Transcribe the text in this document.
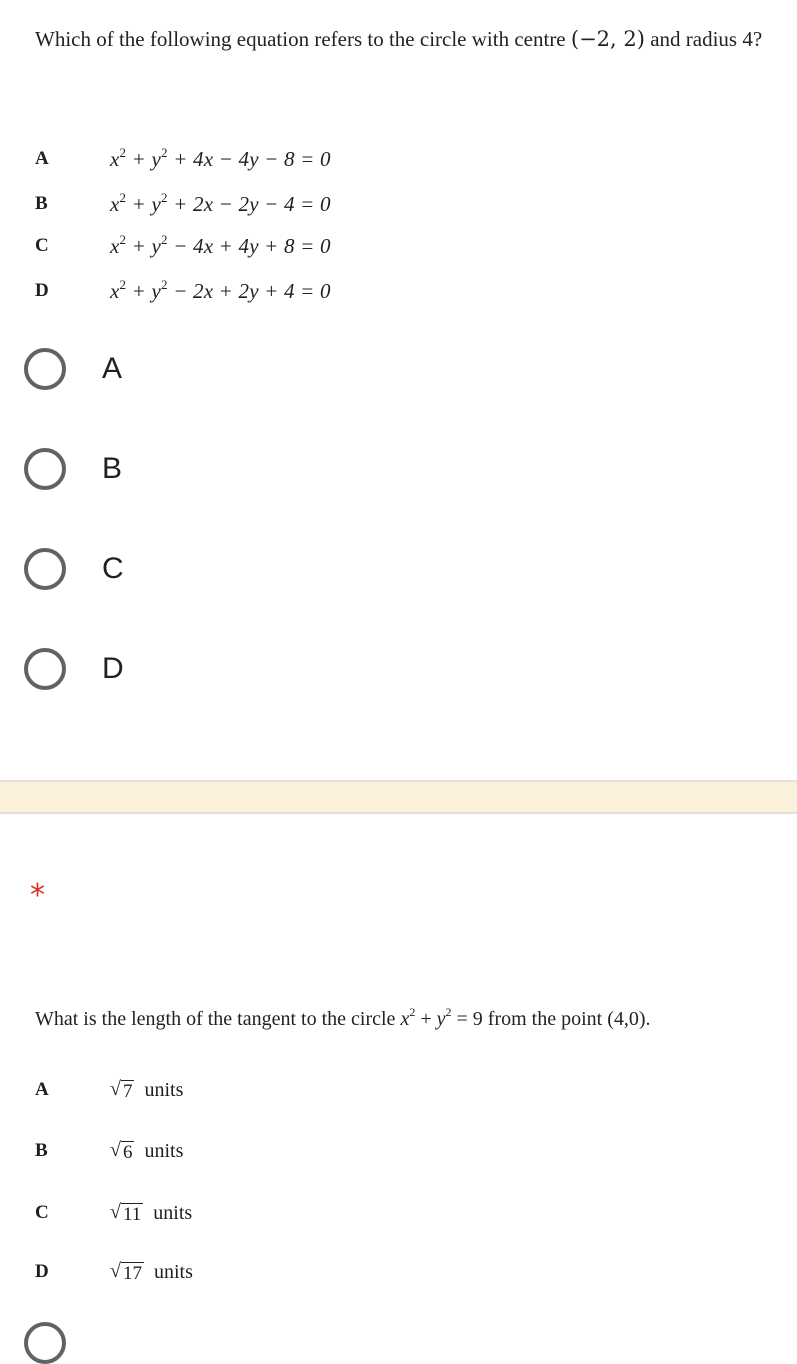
Which of the following equation refers to the circle with centre (−2, 2) and radius 4?
A	$x^2 + y^2 + 4x - 4y - 8 = 0$
B	$x^2 + y^2 + 2x - 2y - 4 = 0$
C	$x^2 + y^2 - 4x + 4y + 8 = 0$
D	$x^2 + y^2 - 2x + 2y + 4 = 0$
A
B
C
D
*
What is the length of the tangent to the circle $x^2 + y^2 = 9$ from the point (4,0).
A	√ 7 units
B	√ 6 units
C	√ 11 units
D	√ 17 units
